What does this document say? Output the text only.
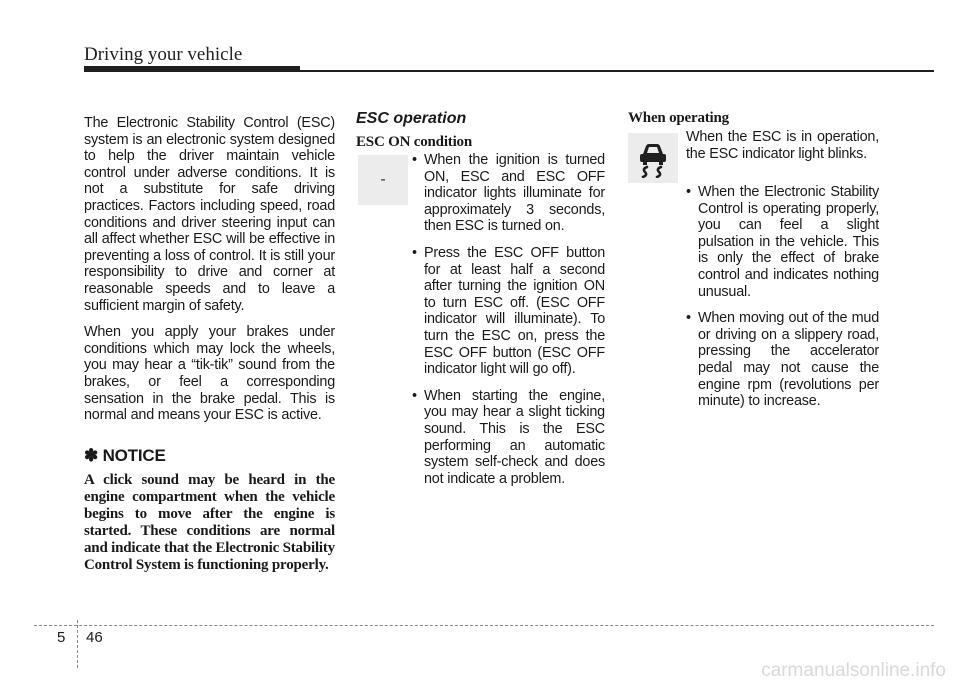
Driving your vehicle

The Electronic Stability Control (ESC) system is an electronic system designed to help the driver maintain vehicle control under adverse conditions. It is not a substitute for safe driving practices. Factors including speed, road conditions and driver steering input can all affect whether ESC will be effective in preventing a loss of control. It is still your responsibility to drive and corner at reasonable speeds and to leave a sufficient margin of safety.

When you apply your brakes under conditions which may lock the wheels, you may hear a “tik-tik” sound from the brakes, or feel a corresponding sensation in the brake pedal. This is normal and means your ESC is active.

✽ NOTICE

A click sound may be heard in the engine compartment when the vehicle begins to move after the engine is started. These conditions are normal and indicate that the Electronic Stability Control System is functioning properly.

ESC operation
ESC ON condition
-
• When the ignition is turned ON, ESC and ESC OFF indicator lights illuminate for approximately 3 seconds, then ESC is turned on.
• Press the ESC OFF button for at least half a second after turning the ignition ON to turn ESC off. (ESC OFF indicator will illuminate). To turn the ESC on, press the ESC OFF button (ESC OFF indicator light will go off).
• When starting the engine, you may hear a slight ticking sound. This is the ESC performing an automatic system self-check and does not indicate a problem.
When operating

When the ESC is in operation, the ESC indicator light blinks.

• When the Electronic Stability Control is operating properly, you can feel a slight pulsation in the vehicle. This is only the effect of brake control and indicates nothing unusual.
• When moving out of the mud or driving on a slippery road, pressing the accelerator pedal may not cause the engine rpm (revolutions per minute) to increase.
5 46
carmanualsonline.info
